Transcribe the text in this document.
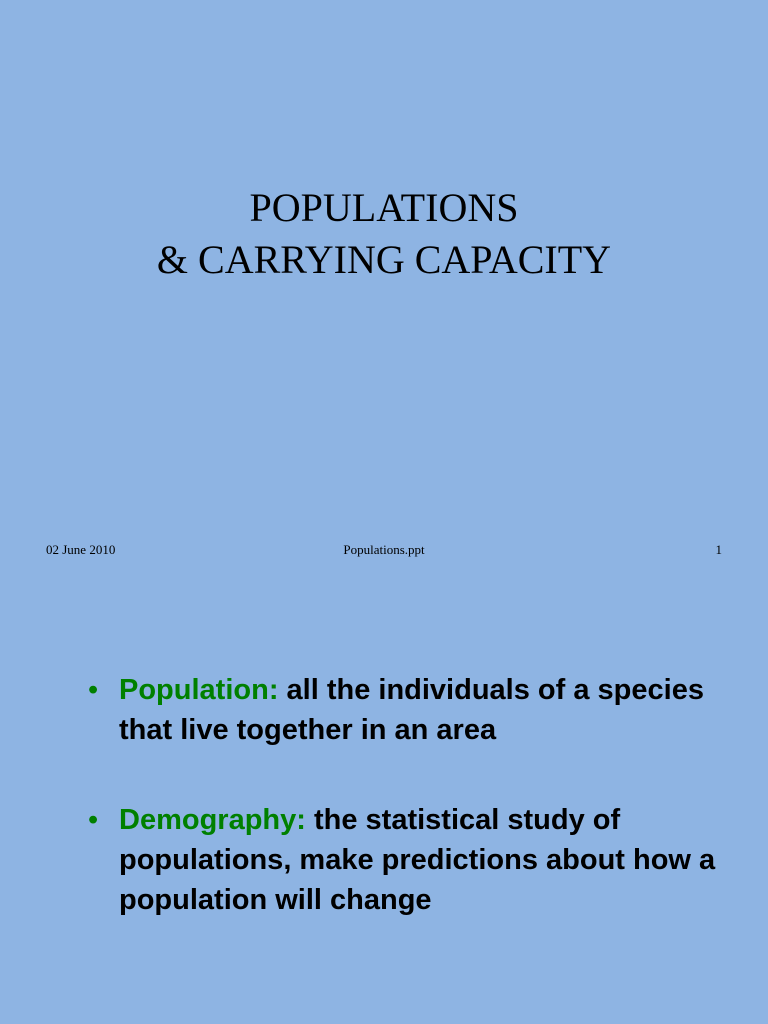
POPULATIONS
& CARRYING CAPACITY
02 June 2010	Populations.ppt	1
• Population: all the individuals of a species that live together in an area
• Demography: the statistical study of populations, make predictions about how a population will change
